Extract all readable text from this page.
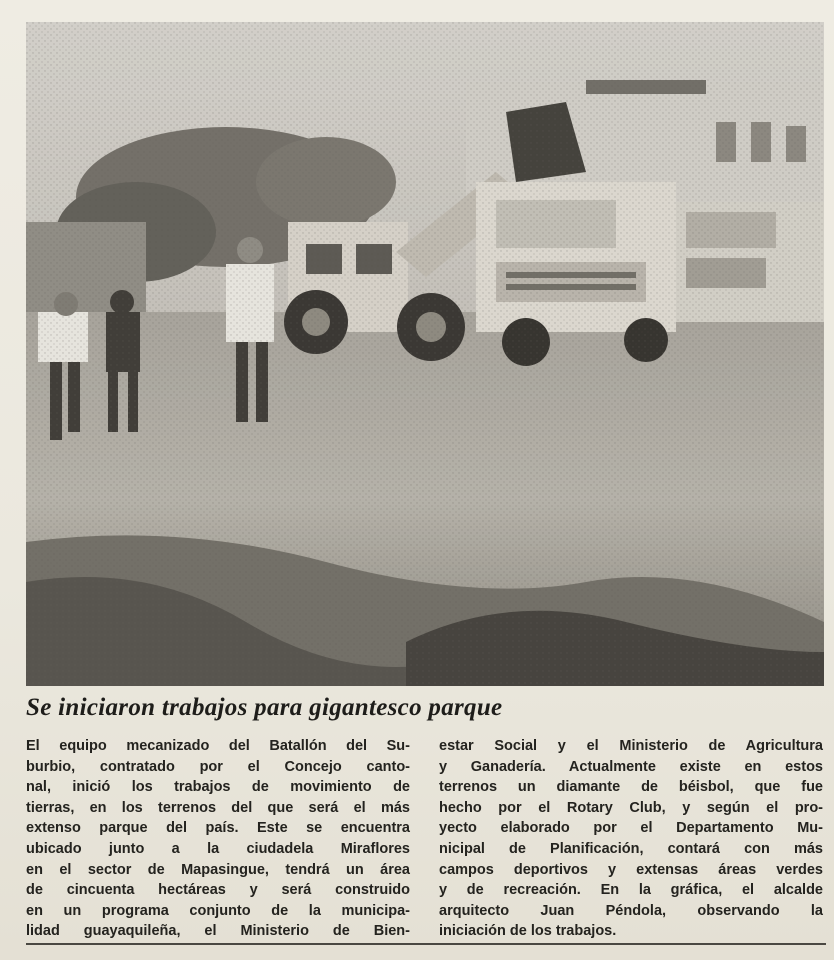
Se iniciaron trabajos para gigantesco parque
El equipo mecanizado del Batallón del Su-
burbio, contratado por el Concejo canto-
nal, inició los trabajos de movimiento de
tierras, en los terrenos del que será el más
extenso parque del país. Este se encuentra
ubicado junto a la ciudadela Miraflores
en el sector de Mapasingue, tendrá un área
de cincuenta hectáreas y será construido
en un programa conjunto de la municipa-
lidad guayaquileña, el Ministerio de Bien-
estar Social y el Ministerio de Agricultura
y Ganadería. Actualmente existe en estos
terrenos un diamante de béisbol, que fue
hecho por el Rotary Club, y según el pro-
yecto elaborado por el Departamento Mu-
nicipal de Planificación, contará con más
campos deportivos y extensas áreas verdes
y de recreación. En la gráfica, el alcalde
arquitecto Juan Péndola, observando la
iniciación de los trabajos.
